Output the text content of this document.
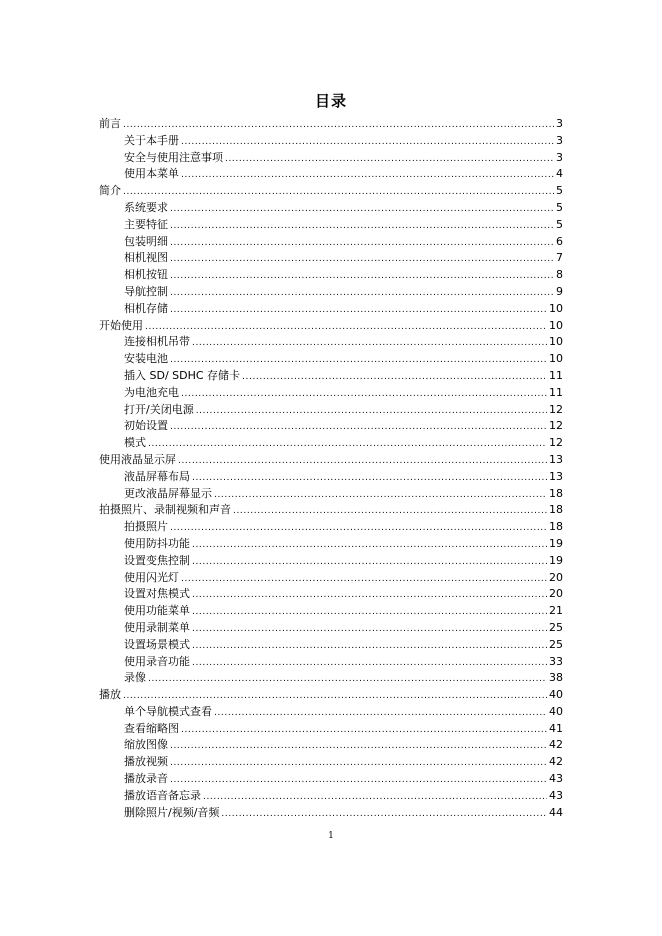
目录
前言 .....	3
关于本手册 .....	3
安全与使用注意事项 .....	3
使用本菜单 .....	4
简介 .....	5
系统要求 .....	5
主要特征 .....	5
包装明细 .....	6
相机视图 .....	7
相机按钮 .....	8
导航控制 .....	9
相机存储 .....	10
开始使用 .....	10
连接相机吊带 .....	10
安装电池 .....	10
插入 SD/ SDHC 存储卡 .....	11
为电池充电 .....	11
打开/关闭电源 .....	12
初始设置 .....	12
模式 .....	12
使用液晶显示屏 .....	13
液晶屏幕布局 .....	13
更改液晶屏幕显示 .....	18
拍摄照片、录制视频和声音 .....	18
拍摄照片 .....	18
使用防抖功能 .....	19
设置变焦控制 .....	19
使用闪光灯 .....	20
设置对焦模式 .....	20
使用功能菜单 .....	21
使用录制菜单 .....	25
设置场景模式 .....	25
使用录音功能 .....	33
录像 .....	38
播放 .....	40
单个导航模式查看 .....	40
查看缩略图 .....	41
缩放图像 .....	42
播放视频 .....	42
播放录音 .....	43
播放语音备忘录 .....	43
删除照片/视频/音频 .....	44
1
